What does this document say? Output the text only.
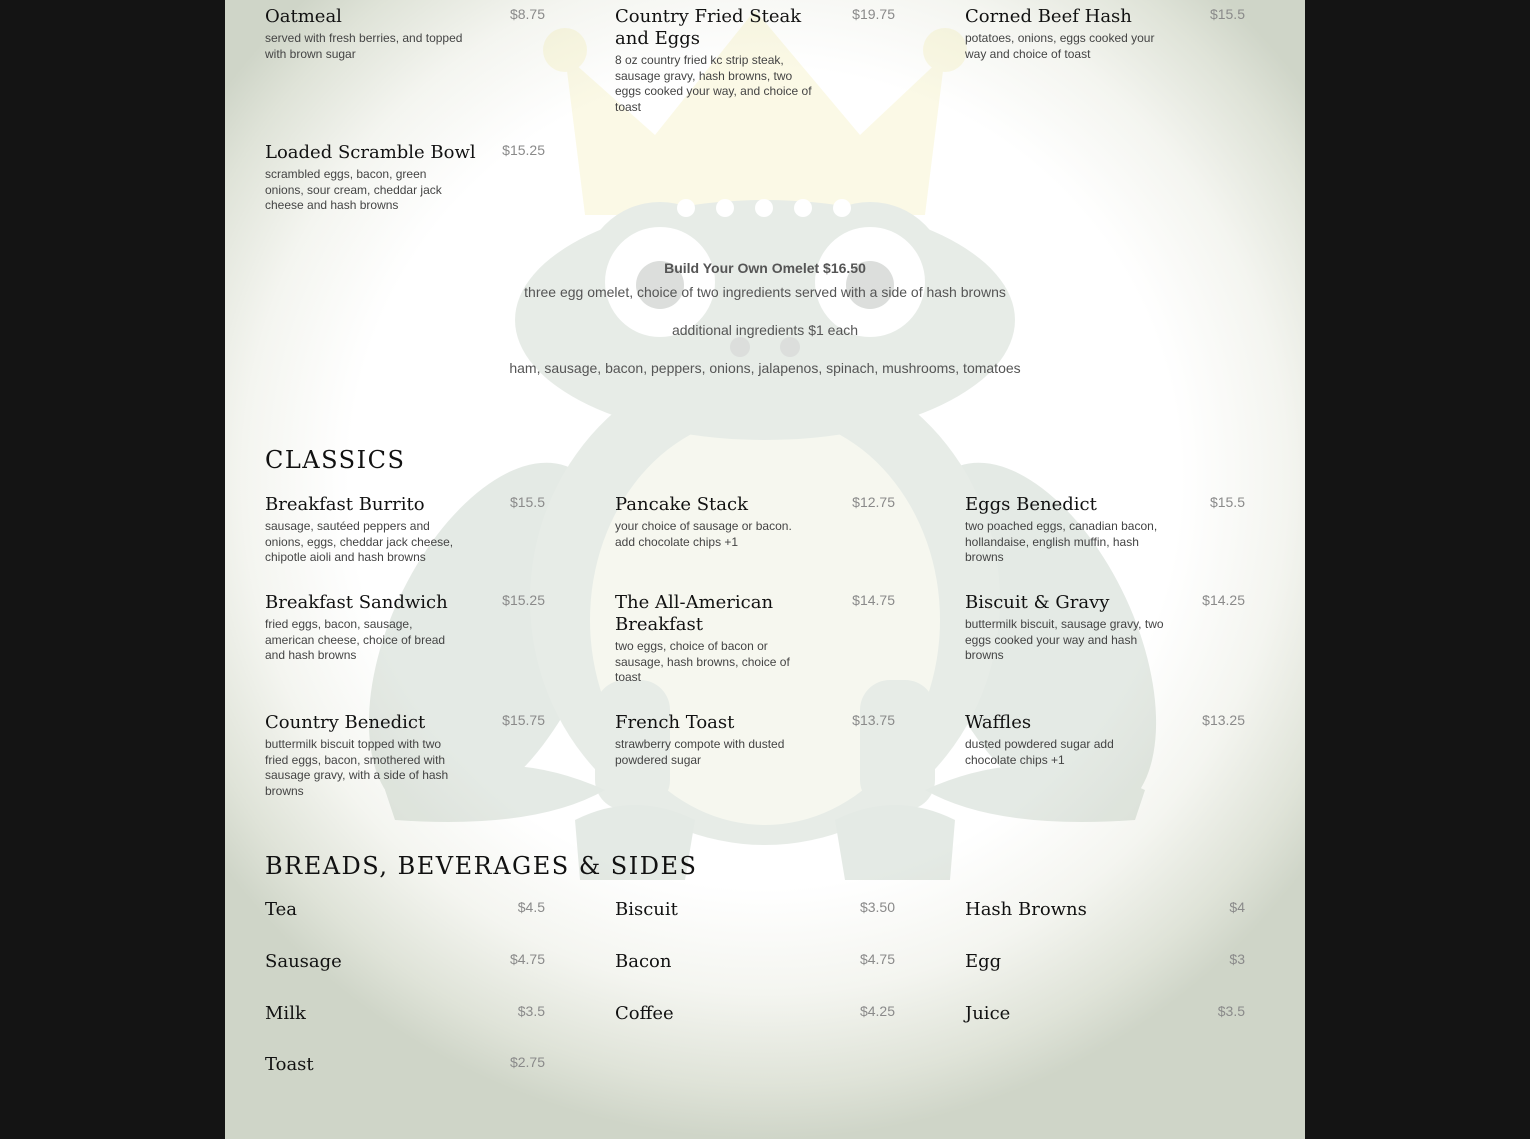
Oatmeal	$8.75
served with fresh berries, and topped with brown sugar
Country Fried Steak and Eggs
$19.75
8 oz country fried kc strip steak, sausage gravy, hash browns, two eggs cooked your way, and choice of toast
Corned Beef Hash	$15.5
potatoes, onions, eggs cooked your way and choice of toast
Loaded Scramble Bowl	$15.25
scrambled eggs, bacon, green onions, sour cream, cheddar jack cheese and hash browns
Build Your Own Omelet $16.50
three egg omelet, choice of two ingredients served with a side of hash browns
additional ingredients $1 each
ham, sausage, bacon, peppers, onions, jalapenos, spinach, mushrooms, tomatoes
CLASSICS
Breakfast Burrito	$15.5
sausage, sautéed peppers and onions, eggs, cheddar jack cheese, chipotle aioli and hash browns
Pancake Stack	$12.75
your choice of sausage or bacon. add chocolate chips +1
Eggs Benedict	$15.5
two poached eggs, canadian bacon, hollandaise, english muffin, hash browns
Breakfast Sandwich	$15.25
fried eggs, bacon, sausage, american cheese, choice of bread and hash browns
The All-American Breakfast
$14.75
two eggs, choice of bacon or sausage, hash browns, choice of toast
Biscuit & Gravy	$14.25
buttermilk biscuit, sausage gravy, two eggs cooked your way and hash browns
Country Benedict	$15.75
buttermilk biscuit topped with two fried eggs, bacon, smothered with sausage gravy, with a side of hash browns
French Toast	$13.75
strawberry compote with dusted powdered sugar
Waffles	$13.25
dusted powdered sugar add chocolate chips +1
BREADS, BEVERAGES & SIDES
Tea	$4.5	Biscuit	$3.50	Hash Browns	$4
Sausage	$4.75	Bacon	$4.75	Egg	$3
Milk	$3.5	Coffee	$4.25	Juice	$3.5
Toast	$2.75
